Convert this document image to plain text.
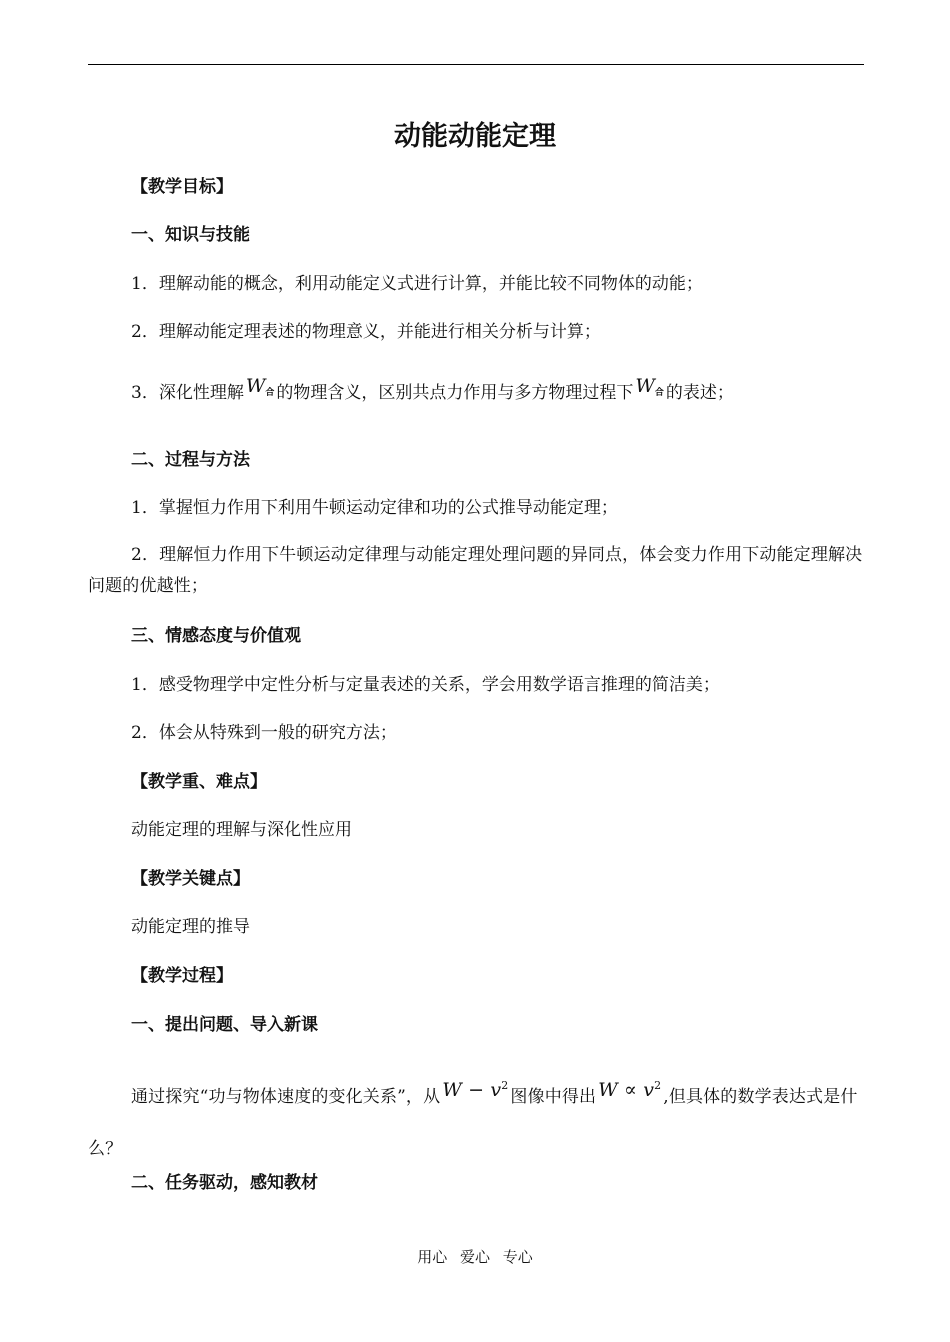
动能动能定理
【教学目标】
一、知识与技能
1．理解动能的概念，利用动能定义式进行计算，并能比较不同物体的动能；
2．理解动能定理表述的物理意义，并能进行相关分析与计算；
3．深化性理解 $W_合$ 的物理含义，区别共点力作用与多方物理过程下 $W_合$ 的表述；
二、过程与方法
1．掌握恒力作用下利用牛顿运动定律和功的公式推导动能定理；
2．理解恒力作用下牛顿运动定律理与动能定理处理问题的异同点，体会变力作用下动能定理解决问题的优越性；
三、情感态度与价值观
1．感受物理学中定性分析与定量表述的关系，学会用数学语言推理的简洁美；
2．体会从特殊到一般的研究方法；
【教学重、难点】
动能定理的理解与深化性应用
【教学关键点】
动能定理的推导
【教学过程】
一、提出问题、导入新课
通过探究“功与物体速度的变化关系”，从 $W - v^2$图像中得出 $W \propto v^2$,但具体的数学表达式是什么？
二、任务驱动，感知教材
用心 爱心 专心
